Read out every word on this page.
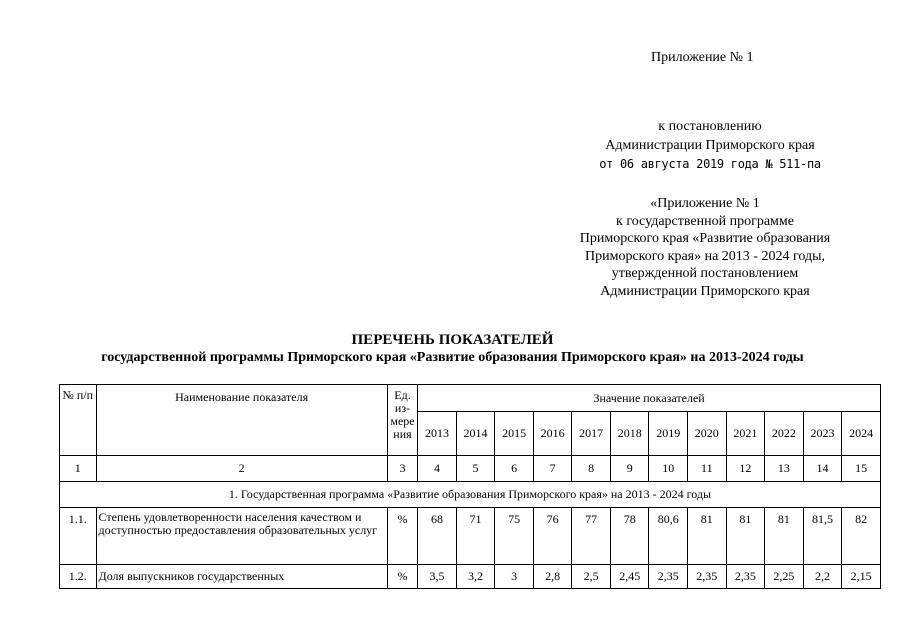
Приложение № 1
к постановлению
Администрации Приморского края
от 06 августа 2019 года № 511-па
«Приложение № 1
к государственной программе
Приморского края «Развитие образования
Приморского края» на 2013 - 2024 годы,
утвержденной постановлением
Администрации Приморского края
ПЕРЕЧЕНЬ ПОКАЗАТЕЛЕЙ
государственной программы Приморского края «Развитие образования Приморского края» на 2013-2024 годы
№ п/п	Наименование показателя	Ед. из-мере ния	Значение показателей											
			2013	2014	2015	2016	2017	2018	2019	2020	2021	2022	2023	2024
1	2	3	4	5	6	7	8	9	10	11	12	13	14	15
1. Государственная программа «Развитие образования Приморского края» на 2013 - 2024 годы														
1.1.	Степень удовлетворенности населения качеством и доступностью предоставления образовательных услуг	%	68	71	75	76	77	78	80,6	81	81	81	81,5	82
1.2.	Доля выпускников государственных	%	3,5	3,2	3	2,8	2,5	2,45	2,35	2,35	2,35	2,25	2,2	2,15
